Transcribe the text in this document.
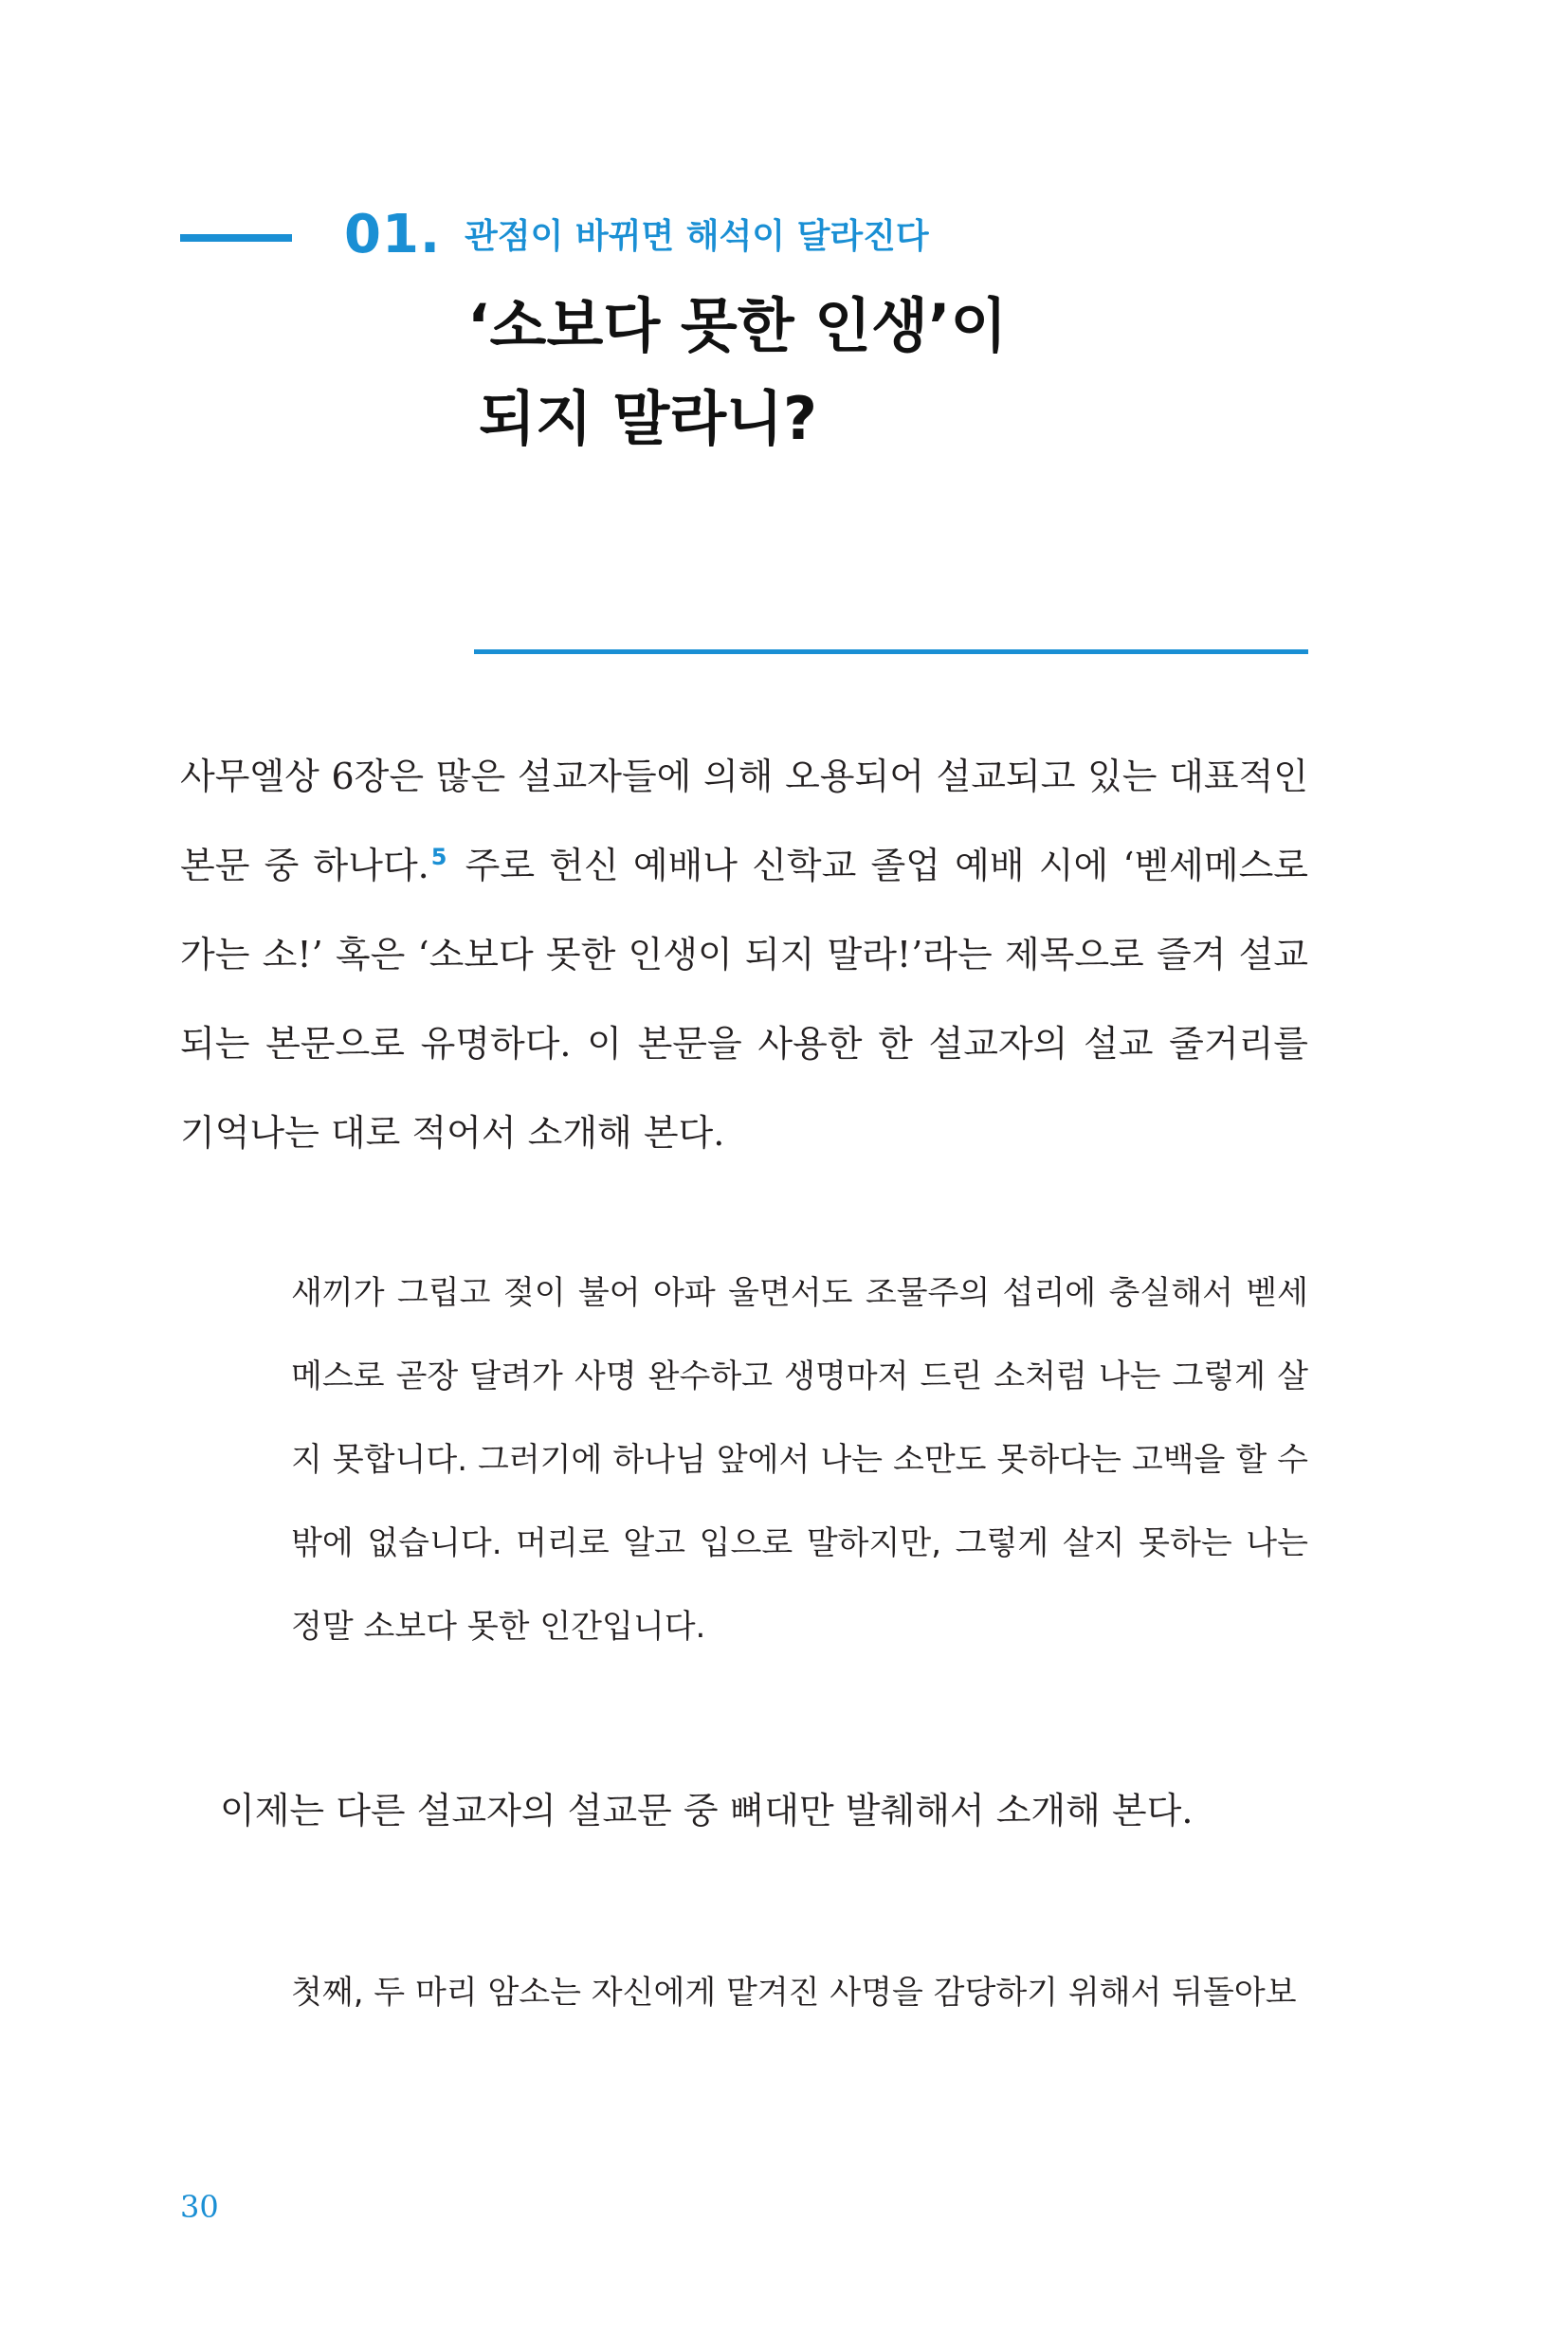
01. 관점이 바뀌면 해석이 달라진다
‘소보다 못한 인생’이
되지 말라니?
사무엘상 6장은 많은 설교자들에 의해 오용되어 설교되고 있는 대표적인 본문 중 하나다.$^5$ 주로 헌신 예배나 신학교 졸업 예배 시에 ‘벧세메스로 가는 소!’ 혹은 ‘소보다 못한 인생이 되지 말라!’라는 제목으로 즐겨 설교되는 본문으로 유명하다. 이 본문을 사용한 한 설교자의 설교 줄거리를 기억나는 대로 적어서 소개해 본다.
새끼가 그립고 젖이 불어 아파 울면서도 조물주의 섭리에 충실해서 벧세메스로 곧장 달려가 사명 완수하고 생명마저 드린 소처럼 나는 그렇게 살지 못합니다. 그러기에 하나님 앞에서 나는 소만도 못하다는 고백을 할 수밖에 없습니다. 머리로 알고 입으로 말하지만, 그렇게 살지 못하는 나는 정말 소보다 못한 인간입니다.
이제는 다른 설교자의 설교문 중 뼈대만 발췌해서 소개해 본다.
첫째, 두 마리 암소는 자신에게 맡겨진 사명을 감당하기 위해서 뒤돌아보
30
